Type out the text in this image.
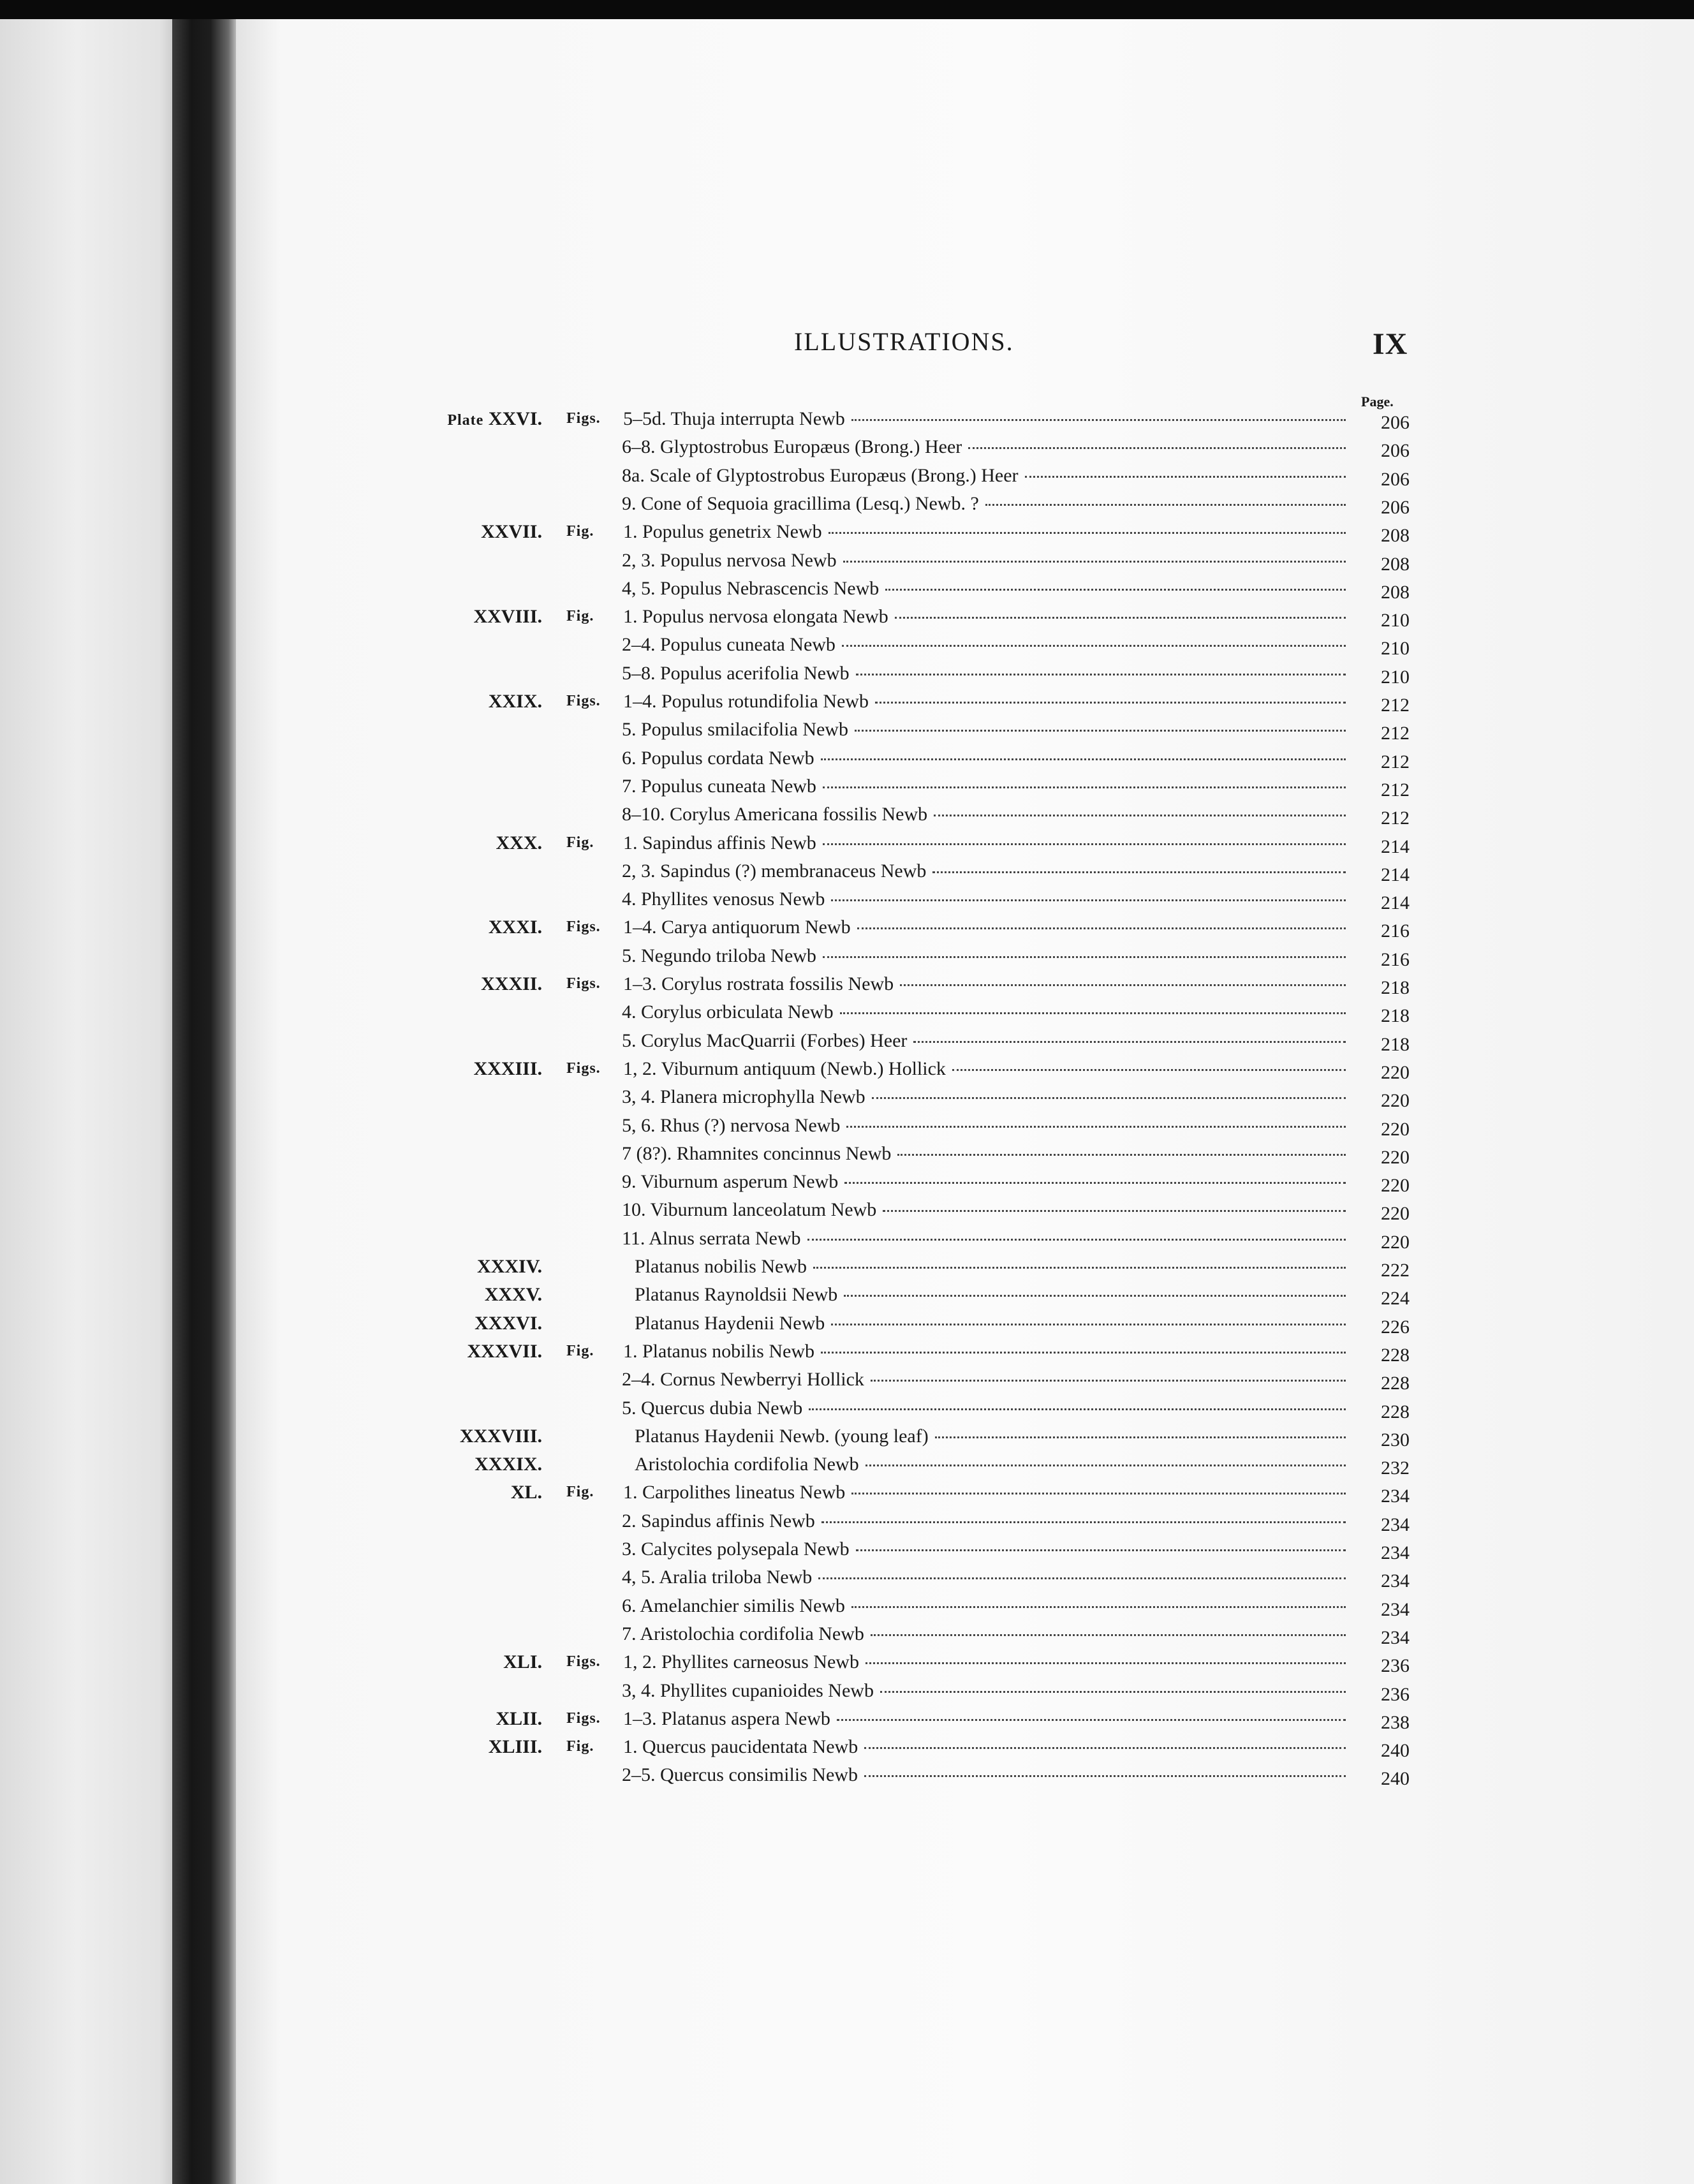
ILLUSTRATIONS.	IX
Page.
Plate XXVI. Figs. 5–5d. Thuja interrupta Newb	206
6–8. Glyptostrobus Europæus (Brong.) Heer	206
8a. Scale of Glyptostrobus Europæus (Brong.) Heer	206
9. Cone of Sequoia gracillima (Lesq.) Newb. ?	206
XXVII. Fig. 1. Populus genetrix Newb	208
2, 3. Populus nervosa Newb	208
4, 5. Populus Nebrascencis Newb	208
XXVIII. Fig. 1. Populus nervosa elongata Newb	210
2–4. Populus cuneata Newb	210
5–8. Populus acerifolia Newb	210
XXIX. Figs. 1–4. Populus rotundifolia Newb	212
5. Populus smilacifolia Newb	212
6. Populus cordata Newb	212
7. Populus cuneata Newb	212
8–10. Corylus Americana fossilis Newb	212
XXX. Fig. 1. Sapindus affinis Newb	214
2, 3. Sapindus (?) membranaceus Newb	214
4. Phyllites venosus Newb	214
XXXI. Figs. 1–4. Carya antiquorum Newb	216
5. Negundo triloba Newb	216
XXXII. Figs. 1–3. Corylus rostrata fossilis Newb	218
4. Corylus orbiculata Newb	218
5. Corylus MacQuarrii (Forbes) Heer	218
XXXIII. Figs. 1, 2. Viburnum antiquum (Newb.) Hollick	220
3, 4. Planera microphylla Newb	220
5, 6. Rhus (?) nervosa Newb	220
7 (8?). Rhamnites concinnus Newb	220
9. Viburnum asperum Newb	220
10. Viburnum lanceolatum Newb	220
11. Alnus serrata Newb	220
XXXIV.	Platanus nobilis Newb	222
XXXV.	Platanus Raynoldsii Newb	224
XXXVI.	Platanus Haydenii Newb	226
XXXVII. Fig. 1. Platanus nobilis Newb	228
2–4. Cornus Newberryi Hollick	228
5. Quercus dubia Newb	228
XXXVIII.	Platanus Haydenii Newb. (young leaf)	230
XXXIX.	Aristolochia cordifolia Newb	232
XL. Fig. 1. Carpolithes lineatus Newb	234
2. Sapindus affinis Newb	234
3. Calycites polysepala Newb	234
4, 5. Aralia triloba Newb	234
6. Amelanchier similis Newb	234
7. Aristolochia cordifolia Newb	234
XLI. Figs. 1, 2. Phyllites carneosus Newb	236
3, 4. Phyllites cupanioides Newb	236
XLII. Figs. 1–3. Platanus aspera Newb	238
XLIII. Fig. 1. Quercus paucidentata Newb	240
2–5. Quercus consimilis Newb	240
